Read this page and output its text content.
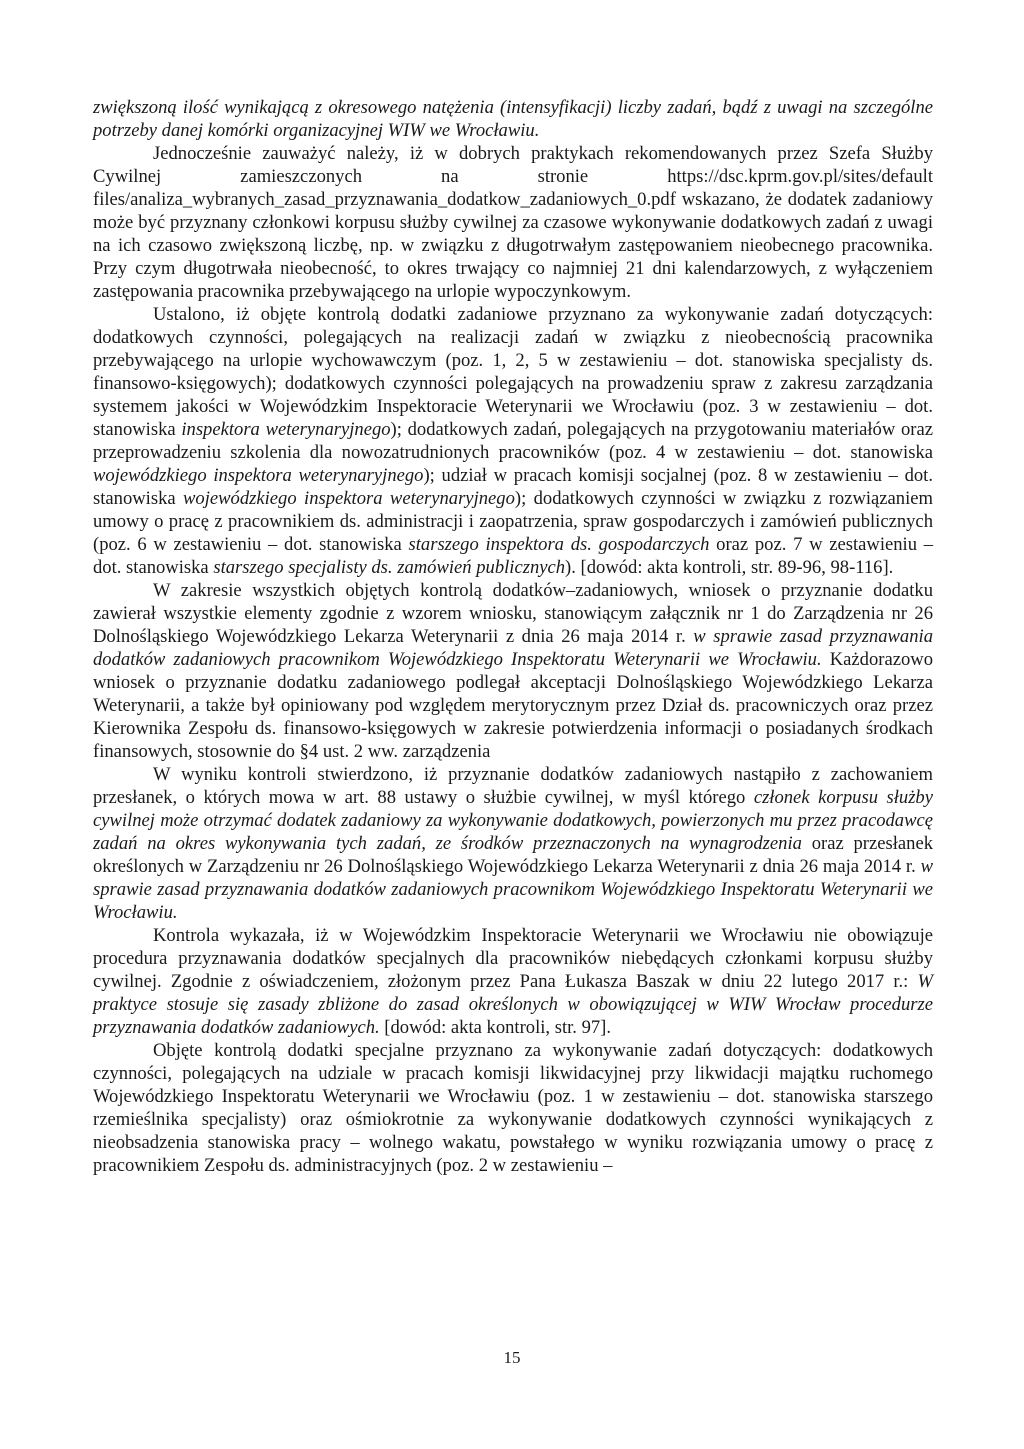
zwiększoną ilość wynikającą z okresowego natężenia (intensyfikacji) liczby zadań, bądź z uwagi na szczególne potrzeby danej komórki organizacyjnej WIW we Wrocławiu.

Jednocześnie zauważyć należy, iż w dobrych praktykach rekomendowanych przez Szefa Służby Cywilnej zamieszczonych na stronie https://dsc.kprm.gov.pl/sites/default files/analiza_wybranych_zasad_przyznawania_dodatkow_zadaniowych_0.pdf wskazano, że dodatek zadaniowy może być przyznany członkowi korpusu służby cywilnej za czasowe wykonywanie dodatkowych zadań z uwagi na ich czasowo zwiększoną liczbę, np. w związku z długotrwałym zastępowaniem nieobecnego pracownika. Przy czym długotrwała nieobecność, to okres trwający co najmniej 21 dni kalendarzowych, z wyłączeniem zastępowania pracownika przebywającego na urlopie wypoczynkowym.

Ustalono, iż objęte kontrolą dodatki zadaniowe przyznano za wykonywanie zadań dotyczących: dodatkowych czynności, polegających na realizacji zadań w związku z nieobecnością pracownika przebywającego na urlopie wychowawczym (poz. 1, 2, 5 w zestawieniu – dot. stanowiska specjalisty ds. finansowo-księgowych); dodatkowych czynności polegających na prowadzeniu spraw z zakresu zarządzania systemem jakości w Wojewódzkim Inspektoracie Weterynarii we Wrocławiu (poz. 3 w zestawieniu – dot. stanowiska inspektora weterynaryjnego); dodatkowych zadań, polegających na przygotowaniu materiałów oraz przeprowadzeniu szkolenia dla nowozatrudnionych pracowników (poz. 4 w zestawieniu – dot. stanowiska wojewódzkiego inspektora weterynaryjnego); udział w pracach komisji socjalnej (poz. 8 w zestawieniu – dot. stanowiska wojewódzkiego inspektora weterynaryjnego); dodatkowych czynności w związku z rozwiązaniem umowy o pracę z pracownikiem ds. administracji i zaopatrzenia, spraw gospodarczych i zamówień publicznych (poz. 6 w zestawieniu – dot. stanowiska starszego inspektora ds. gospodarczych oraz poz. 7 w zestawieniu – dot. stanowiska starszego specjalisty ds. zamówień publicznych). [dowód: akta kontroli, str. 89-96, 98-116].

W zakresie wszystkich objętych kontrolą dodatków–zadaniowych, wniosek o przyznanie dodatku zawierał wszystkie elementy zgodnie z wzorem wniosku, stanowiącym załącznik nr 1 do Zarządzenia nr 26 Dolnośląskiego Wojewódzkiego Lekarza Weterynarii z dnia 26 maja 2014 r. w sprawie zasad przyznawania dodatków zadaniowych pracownikom Wojewódzkiego Inspektoratu Weterynarii we Wrocławiu. Każdorazowo wniosek o przyznanie dodatku zadaniowego podlegał akceptacji Dolnośląskiego Wojewódzkiego Lekarza Weterynarii, a także był opiniowany pod względem merytorycznym przez Dział ds. pracowniczych oraz przez Kierownika Zespołu ds. finansowo-księgowych w zakresie potwierdzenia informacji o posiadanych środkach finansowych, stosownie do §4 ust. 2 ww. zarządzenia

W wyniku kontroli stwierdzono, iż przyznanie dodatków zadaniowych nastąpiło z zachowaniem przesłanek, o których mowa w art. 88 ustawy o służbie cywilnej, w myśl którego członek korpusu służby cywilnej może otrzymać dodatek zadaniowy za wykonywanie dodatkowych, powierzonych mu przez pracodawcę zadań na okres wykonywania tych zadań, ze środków przeznaczonych na wynagrodzenia oraz przesłanek określonych w Zarządzeniu nr 26 Dolnośląskiego Wojewódzkiego Lekarza Weterynarii z dnia 26 maja 2014 r. w sprawie zasad przyznawania dodatków zadaniowych pracownikom Wojewódzkiego Inspektoratu Weterynarii we Wrocławiu.

Kontrola wykazała, iż w Wojewódzkim Inspektoracie Weterynarii we Wrocławiu nie obowiązuje procedura przyznawania dodatków specjalnych dla pracowników niebędących członkami korpusu służby cywilnej. Zgodnie z oświadczeniem, złożonym przez Pana Łukasza Baszak w dniu 22 lutego 2017 r.: W praktyce stosuje się zasady zbliżone do zasad określonych w obowiązującej w WIW Wrocław procedurze przyznawania dodatków zadaniowych. [dowód: akta kontroli, str. 97].

Objęte kontrolą dodatki specjalne przyznano za wykonywanie zadań dotyczących: dodatkowych czynności, polegających na udziale w pracach komisji likwidacyjnej przy likwidacji majątku ruchomego Wojewódzkiego Inspektoratu Weterynarii we Wrocławiu (poz. 1 w zestawieniu – dot. stanowiska starszego rzemieślnika specjalisty) oraz ośmiokrotnie za wykonywanie dodatkowych czynności wynikających z nieobsadzenia stanowiska pracy – wolnego wakatu, powstałego w wyniku rozwiązania umowy o pracę z pracownikiem Zespołu ds. administracyjnych (poz. 2 w zestawieniu –

15
